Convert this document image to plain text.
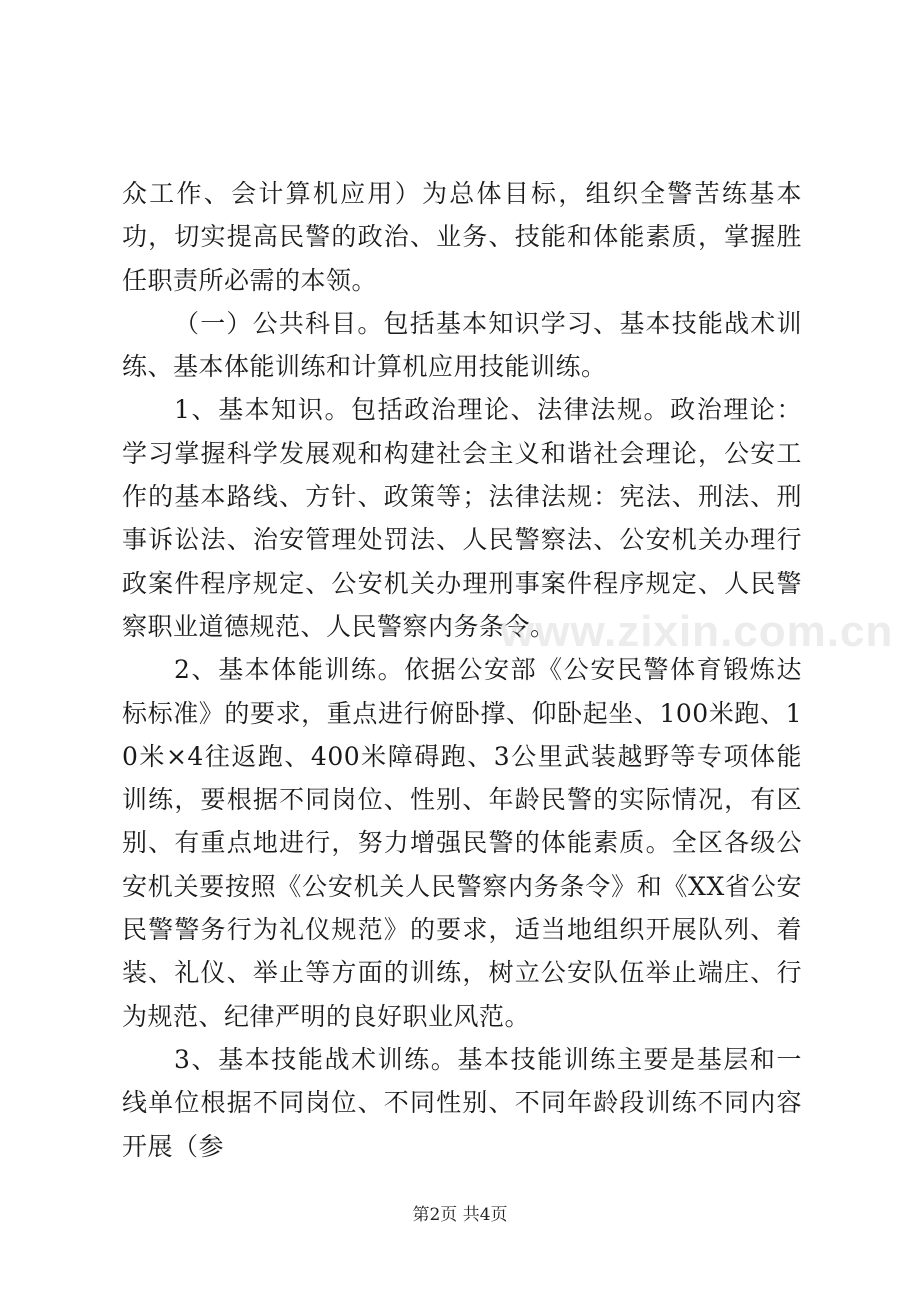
众工作、会计算机应用）为总体目标，组织全警苦练基本功，切实提高民警的政治、业务、技能和体能素质，掌握胜任职责所必需的本领。

（一）公共科目。包括基本知识学习、基本技能战术训练、基本体能训练和计算机应用技能训练。

1、基本知识。包括政治理论、法律法规。政治理论：学习掌握科学发展观和构建社会主义和谐社会理论，公安工作的基本路线、方针、政策等；法律法规：宪法、刑法、刑事诉讼法、治安管理处罚法、人民警察法、公安机关办理行政案件程序规定、公安机关办理刑事案件程序规定、人民警察职业道德规范、人民警察内务条令。

2、基本体能训练。依据公安部《公安民警体育锻炼达标标准》的要求，重点进行俯卧撑、仰卧起坐、100米跑、10米×4往返跑、400米障碍跑、3公里武装越野等专项体能训练，要根据不同岗位、性别、年龄民警的实际情况，有区别、有重点地进行，努力增强民警的体能素质。全区各级公安机关要按照《公安机关人民警察内务条令》和《XX省公安民警警务行为礼仪规范》的要求，适当地组织开展队列、着装、礼仪、举止等方面的训练，树立公安队伍举止端庄、行为规范、纪律严明的良好职业风范。

3、基本技能战术训练。基本技能训练主要是基层和一线单位根据不同岗位、不同性别、不同年龄段训练不同内容开展（参

www.zixin.com.cn
第2页 共4页
